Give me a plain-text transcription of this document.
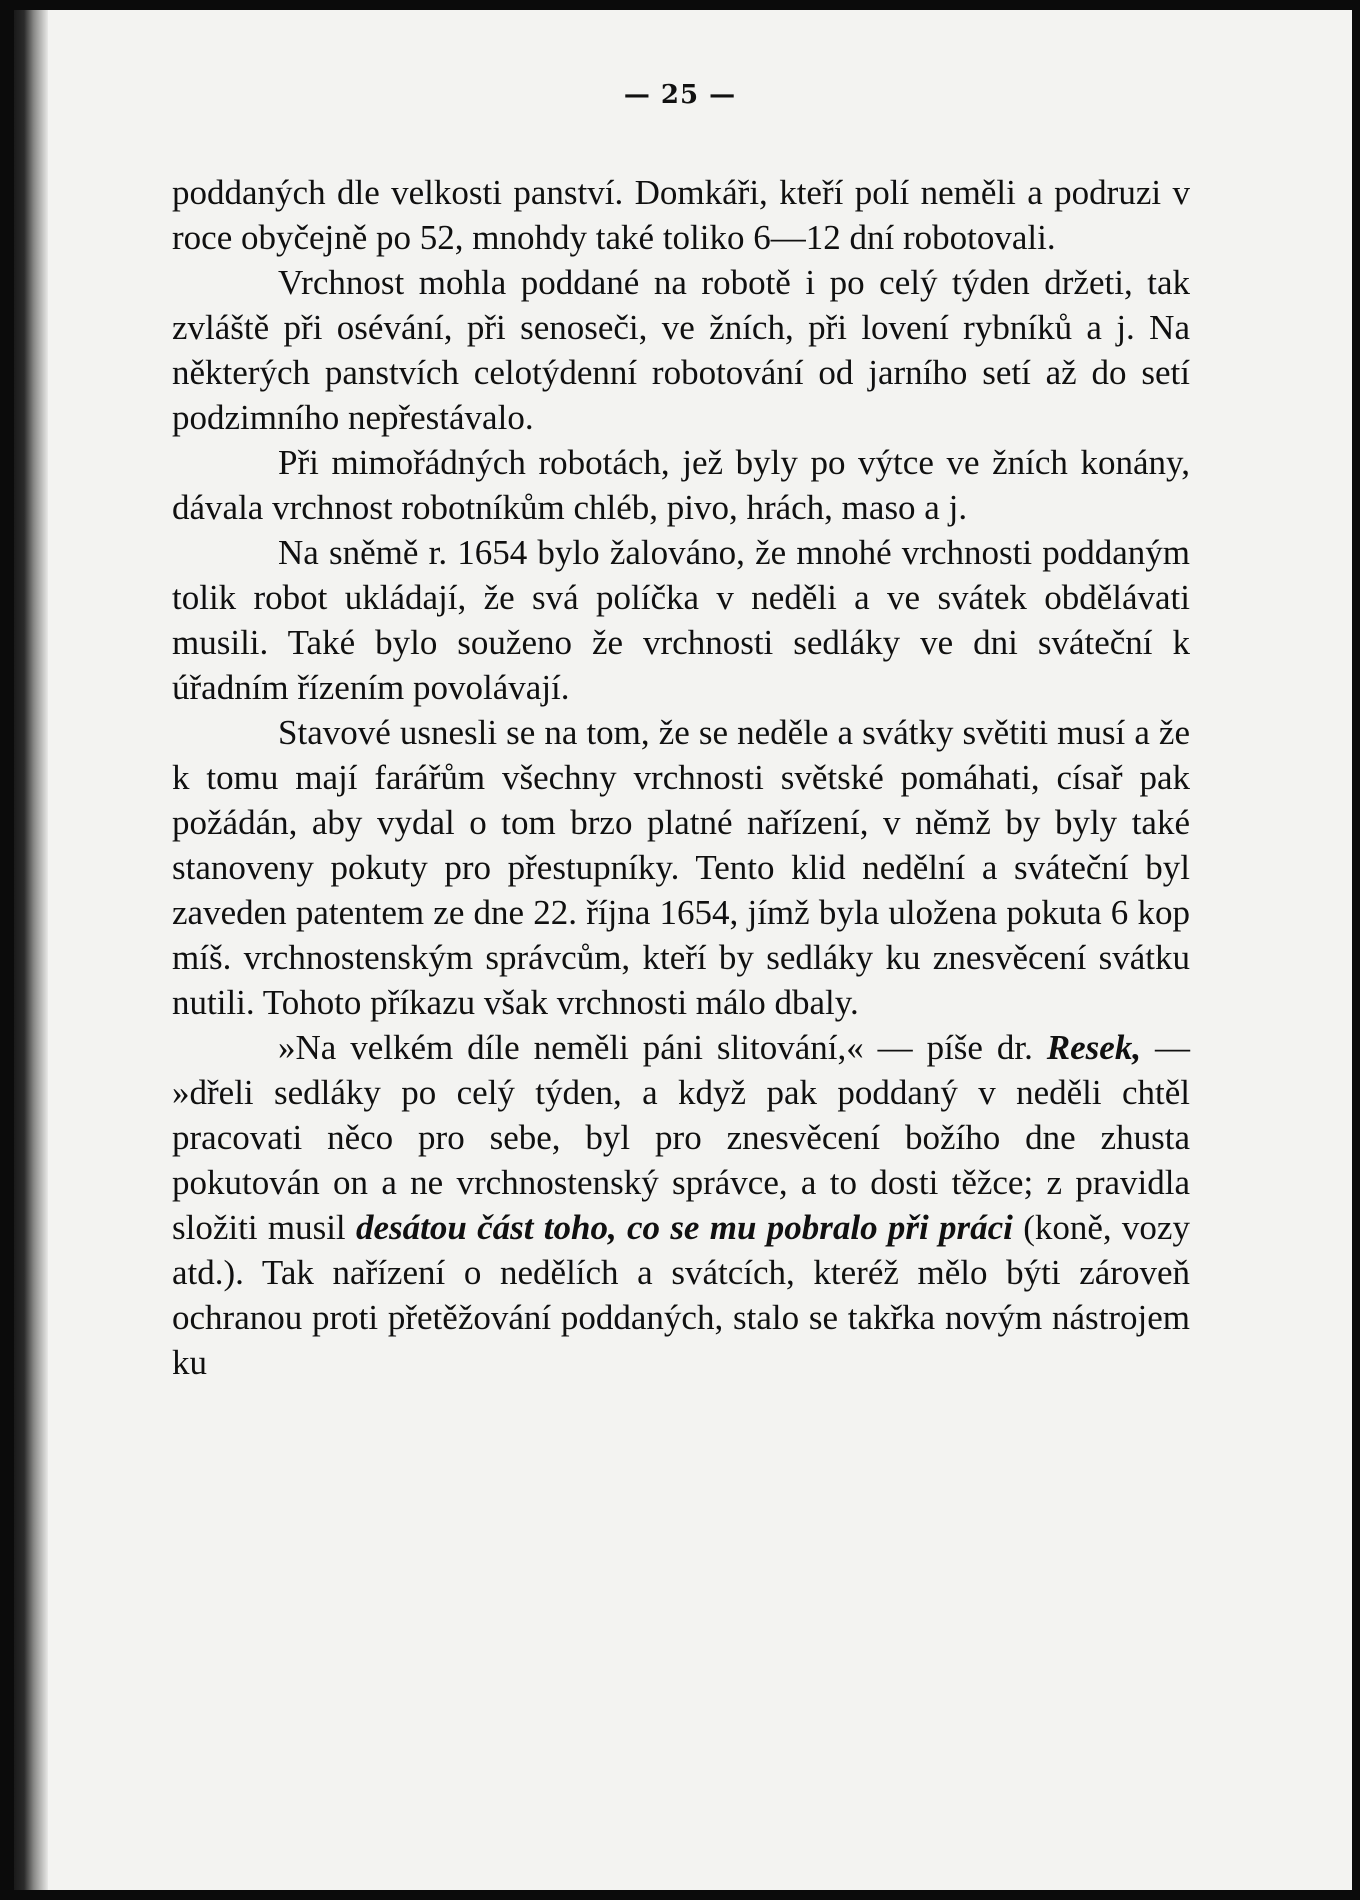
— 25 —

poddaných dle velkosti panství. Domkáři, kteří polí neměli a podruzi v roce obyčejně po 52, mnohdy také toliko 6—12 dní robotovali.

Vrchnost mohla poddané na robotě i po celý týden držeti, tak zvláště při osévání, při senoseči, ve žních, při lovení rybníků a j. Na některých panstvích celotýdenní robotování od jarního setí až do setí podzimního nepřestávalo.

Při mimořádných robotách, jež byly po výtce ve žních konány, dávala vrchnost robotníkům chléb, pivo, hrách, maso a j.

Na sněmě r. 1654 bylo žalováno, že mnohé vrchnosti poddaným tolik robot ukládají, že svá políčka v neděli a ve svátek obdělávati musili. Také bylo souženo že vrchnosti sedláky ve dni sváteční k úřadním řízením povolávají.

Stavové usnesli se na tom, že se neděle a svátky světiti musí a že k tomu mají farářům všechny vrchnosti světské pomáhati, císař pak požádán, aby vydal o tom brzo platné nařízení, v němž by byly také stanoveny pokuty pro přestupníky. Tento klid nedělní a sváteční byl zaveden patentem ze dne 22. října 1654, jímž byla uložena pokuta 6 kop míš. vrchnostenským správcům, kteří by sedláky ku znesvěcení svátku nutili. Tohoto příkazu však vrchnosti málo dbaly.

»Na velkém díle neměli páni slitování,« — píše dr. Resek, — »dřeli sedláky po celý týden, a když pak poddaný v neděli chtěl pracovati něco pro sebe, byl pro znesvěcení božího dne zhusta pokutován on a ne vrchnostenský správce, a to dosti těžce; z pravidla složiti musil desátou část toho, co se mu pobralo při práci (koně, vozy atd.). Tak nařízení o nedělích a svátcích, kteréž mělo býti zároveň ochranou proti přetěžování poddaných, stalo se takřka novým nástrojem ku
